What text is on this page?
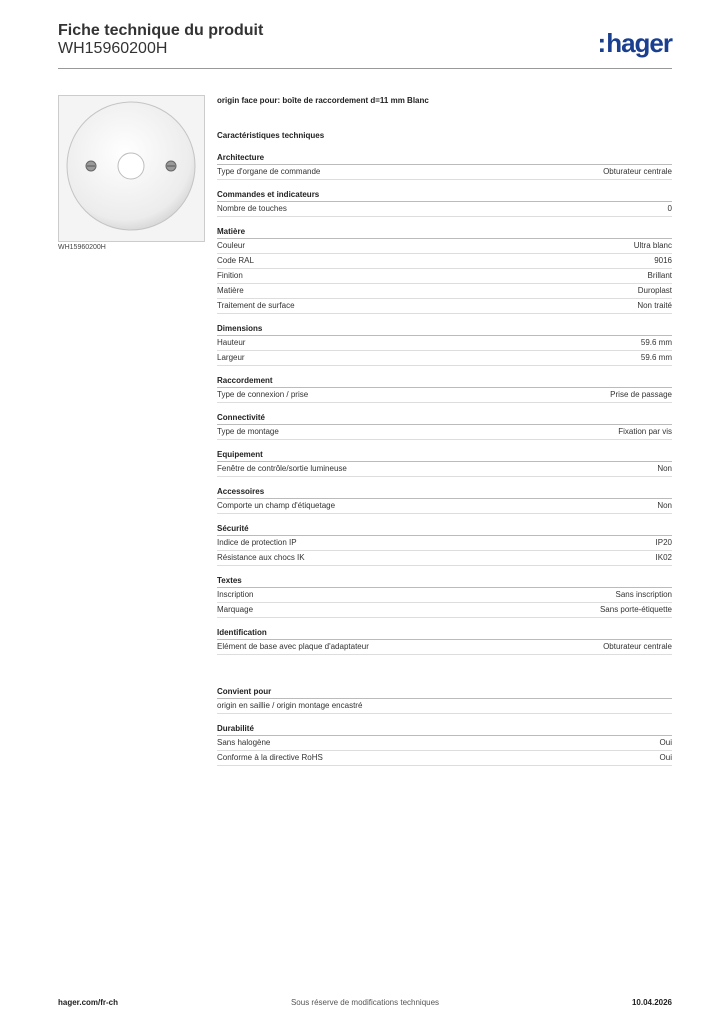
Fiche technique du produit
WH15960200H	:hager
WH15960200H
origin face pour: boîte de raccordement d=11 mm Blanc
Caractéristiques techniques
Architecture
Type d'organe de commande	Obturateur centrale
Commandes et indicateurs
Nombre de touches	0
Matière
Couleur	Ultra blanc
Code RAL	9016
Finition	Brillant
Matière	Duroplast
Traitement de surface	Non traité
Dimensions
Hauteur	59.6 mm
Largeur	59.6 mm
Raccordement
Type de connexion / prise	Prise de passage
Connectivité
Type de montage	Fixation par vis
Equipement
Fenêtre de contrôle/sortie lumineuse	Non
Accessoires
Comporte un champ d'étiquetage	Non
Sécurité
Indice de protection IP	IP20
Résistance aux chocs IK	IK02
Textes
Inscription	Sans inscription
Marquage	Sans porte-étiquette
Identification
Elément de base avec plaque d'adaptateur	Obturateur centrale
Convient pour
origin en saillie / origin montage encastré
Durabilité
Sans halogène	Oui
Conforme à la directive RoHS	Oui
hager.com/fr-ch	Sous réserve de modifications techniques	10.04.2026
